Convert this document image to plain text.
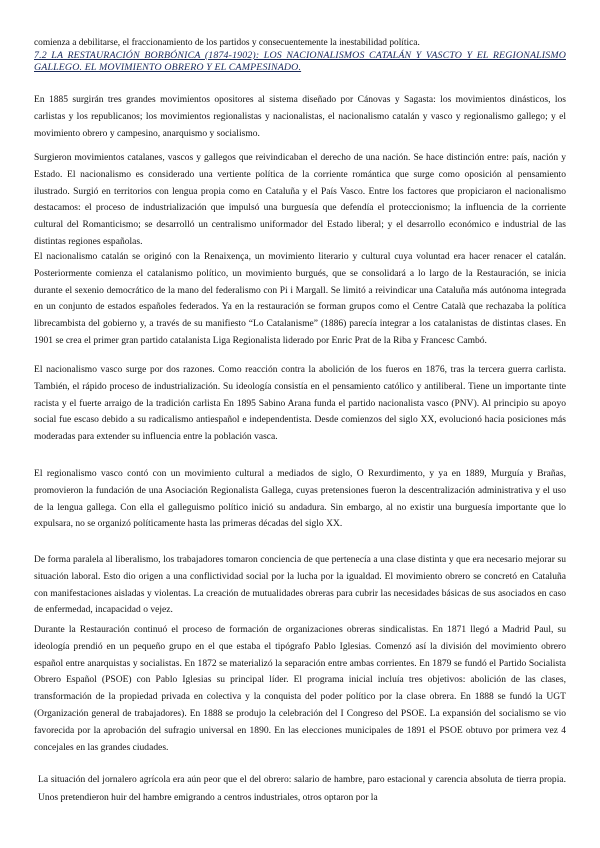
comienza a debilitarse, el fraccionamiento de los partidos y consecuentemente la inestabilidad política.

7.2 LA RESTAURACIÓN BORBÓNICA (1874-1902): LOS NACIONALISMOS CATALÁN Y VASCTO Y EL REGIONALISMO GALLEGO. EL MOVIMIENTO OBRERO Y EL CAMPESINADO.

En 1885 surgirán tres grandes movimientos opositores al sistema diseñado por Cánovas y Sagasta: los movimientos dinásticos, los carlistas y los republicanos; los movimientos regionalistas y nacionalistas, el nacionalismo catalán y vasco y regionalismo gallego; y el movimiento obrero y campesino, anarquismo y socialismo.

Surgieron movimientos catalanes, vascos y gallegos que reivindicaban el derecho de una nación. Se hace distinción entre: país, nación y Estado. El nacionalismo es considerado una vertiente política de la corriente romántica que surge como oposición al pensamiento ilustrado. Surgió en territorios con lengua propia como en Cataluña y el País Vasco. Entre los factores que propiciaron el nacionalismo destacamos: el proceso de industrialización que impulsó una burguesía que defendía el proteccionismo; la influencia de la corriente cultural del Romanticismo; se desarrolló un centralismo uniformador del Estado liberal; y el desarrollo económico e industrial de las distintas regiones españolas.

El nacionalismo catalán se originó con la Renaixença, un movimiento literario y cultural cuya voluntad era hacer renacer el catalán. Posteriormente comienza el catalanismo político, un movimiento burgués, que se consolidará a lo largo de la Restauración, se inicia durante el sexenio democrático de la mano del federalismo con Pi i Margall. Se limitó a reivindicar una Cataluña más autónoma integrada en un conjunto de estados españoles federados. Ya en la restauración se forman grupos como el Centre Català que rechazaba la política librecambista del gobierno y, a través de su manifiesto “Lo Catalanisme” (1886) parecía integrar a los catalanistas de distintas clases. En 1901 se crea el primer gran partido catalanista Liga Regionalista liderado por Enric Prat de la Riba y Francesc Cambó.

El nacionalismo vasco surge por dos razones. Como reacción contra la abolición de los fueros en 1876, tras la tercera guerra carlista. También, el rápido proceso de industrialización. Su ideología consistía en el pensamiento católico y antiliberal. Tiene un importante tinte racista y el fuerte arraigo de la tradición carlista En 1895 Sabino Arana funda el partido nacionalista vasco (PNV). Al principio su apoyo social fue escaso debido a su radicalismo antiespañol e independentista. Desde comienzos del siglo XX, evolucionó hacia posiciones más moderadas para extender su influencia entre la población vasca.

El regionalismo vasco contó con un movimiento cultural a mediados de siglo, O Rexurdimento, y ya en 1889, Murguía y Brañas, promovieron la fundación de una Asociación Regionalista Gallega, cuyas pretensiones fueron la descentralización administrativa y el uso de la lengua gallega. Con ella el galleguismo político inició su andadura. Sin embargo, al no existir una burguesía importante que lo expulsara, no se organizó políticamente hasta las primeras décadas del siglo XX.

De forma paralela al liberalismo, los trabajadores tomaron conciencia de que pertenecía a una clase distinta y que era necesario mejorar su situación laboral. Esto dio origen a una conflictividad social por la lucha por la igualdad. El movimiento obrero se concretó en Cataluña con manifestaciones aisladas y violentas. La creación de mutualidades obreras para cubrir las necesidades básicas de sus asociados en caso de enfermedad, incapacidad o vejez.

Durante la Restauración continuó el proceso de formación de organizaciones obreras sindicalistas. En 1871 llegó a Madrid Paul, su ideología prendió en un pequeño grupo en el que estaba el tipógrafo Pablo Iglesias. Comenzó así la división del movimiento obrero español entre anarquistas y socialistas. En 1872 se materializó la separación entre ambas corrientes. En 1879 se fundó el Partido Socialista Obrero Español (PSOE) con Pablo Iglesias su principal líder. El programa inicial incluía tres objetivos: abolición de las clases, transformación de la propiedad privada en colectiva y la conquista del poder político por la clase obrera. En 1888 se fundó la UGT (Organización general de trabajadores). En 1888 se produjo la celebración del I Congreso del PSOE. La expansión del socialismo se vio favorecida por la aprobación del sufragio universal en 1890. En las elecciones municipales de 1891 el PSOE obtuvo por primera vez 4 concejales en las grandes ciudades.

La situación del jornalero agrícola era aún peor que el del obrero: salario de hambre, paro estacional y carencia absoluta de tierra propia. Unos pretendieron huir del hambre emigrando a centros industriales, otros optaron por la
